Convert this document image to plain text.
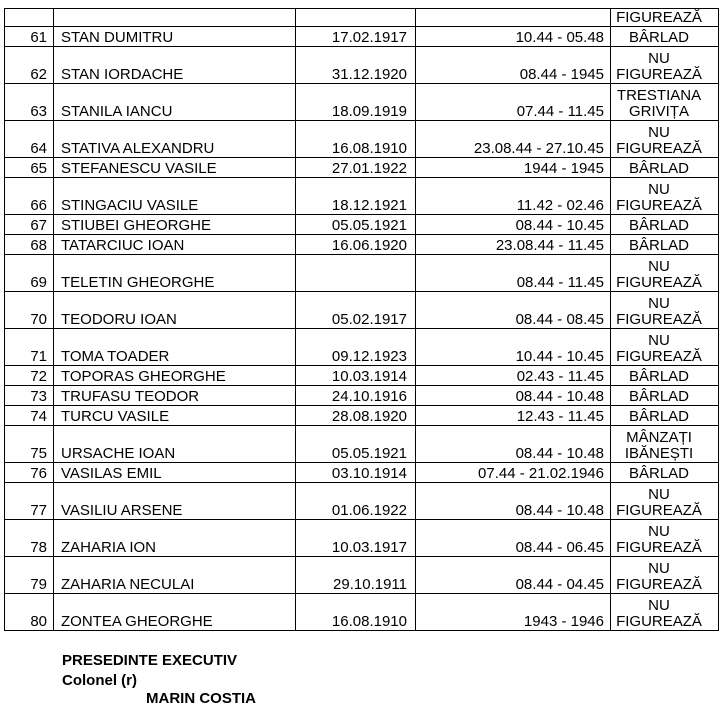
				FIGUREAZĂ

61	STAN DUMITRU	17.02.1917	10.44 - 05.48	BÂRLAD

62	STAN IORDACHE	31.12.1920	08.44 - 1945	NU
FIGUREAZĂ

63	STANILA IANCU	18.09.1919	07.44 - 11.45	TRESTIANA
GRIVIȚA

64	STATIVA ALEXANDRU	16.08.1910	23.08.44 - 27.10.45	NU
FIGUREAZĂ

65	STEFANESCU VASILE	27.01.1922	1944 - 1945	BÂRLAD

66	STINGACIU VASILE	18.12.1921	11.42 - 02.46	NU
FIGUREAZĂ

67	STIUBEI GHEORGHE	05.05.1921	08.44 - 10.45	BÂRLAD

68	TATARCIUC IOAN	16.06.1920	23.08.44 - 11.45	BÂRLAD

69	TELETIN GHEORGHE		08.44 - 11.45	NU
FIGUREAZĂ

70	TEODORU IOAN	05.02.1917	08.44 - 08.45	NU
FIGUREAZĂ

71	TOMA TOADER	09.12.1923	10.44 - 10.45	NU
FIGUREAZĂ

72	TOPORAS GHEORGHE	10.03.1914	02.43 - 11.45	BÂRLAD

73	TRUFASU TEODOR	24.10.1916	08.44 - 10.48	BÂRLAD

74	TURCU VASILE	28.08.1920	12.43 - 11.45	BÂRLAD

75	URSACHE IOAN	05.05.1921	08.44 - 10.48	MÂNZAȚI
IBĂNEȘTI

76	VASILAS EMIL	03.10.1914	07.44 - 21.02.1946	BÂRLAD

77	VASILIU ARSENE	01.06.1922	08.44 - 10.48	NU
FIGUREAZĂ

78	ZAHARIA ION	10.03.1917	08.44 - 06.45	NU
FIGUREAZĂ

79	ZAHARIA NECULAI	29.10.1911	08.44 - 04.45	NU
FIGUREAZĂ

80	ZONTEA GHEORGHE	16.08.1910	1943 - 1946	NU
FIGUREAZĂ
PRESEDINTE EXECUTIV
Colonel (r)
MARIN COSTIA
